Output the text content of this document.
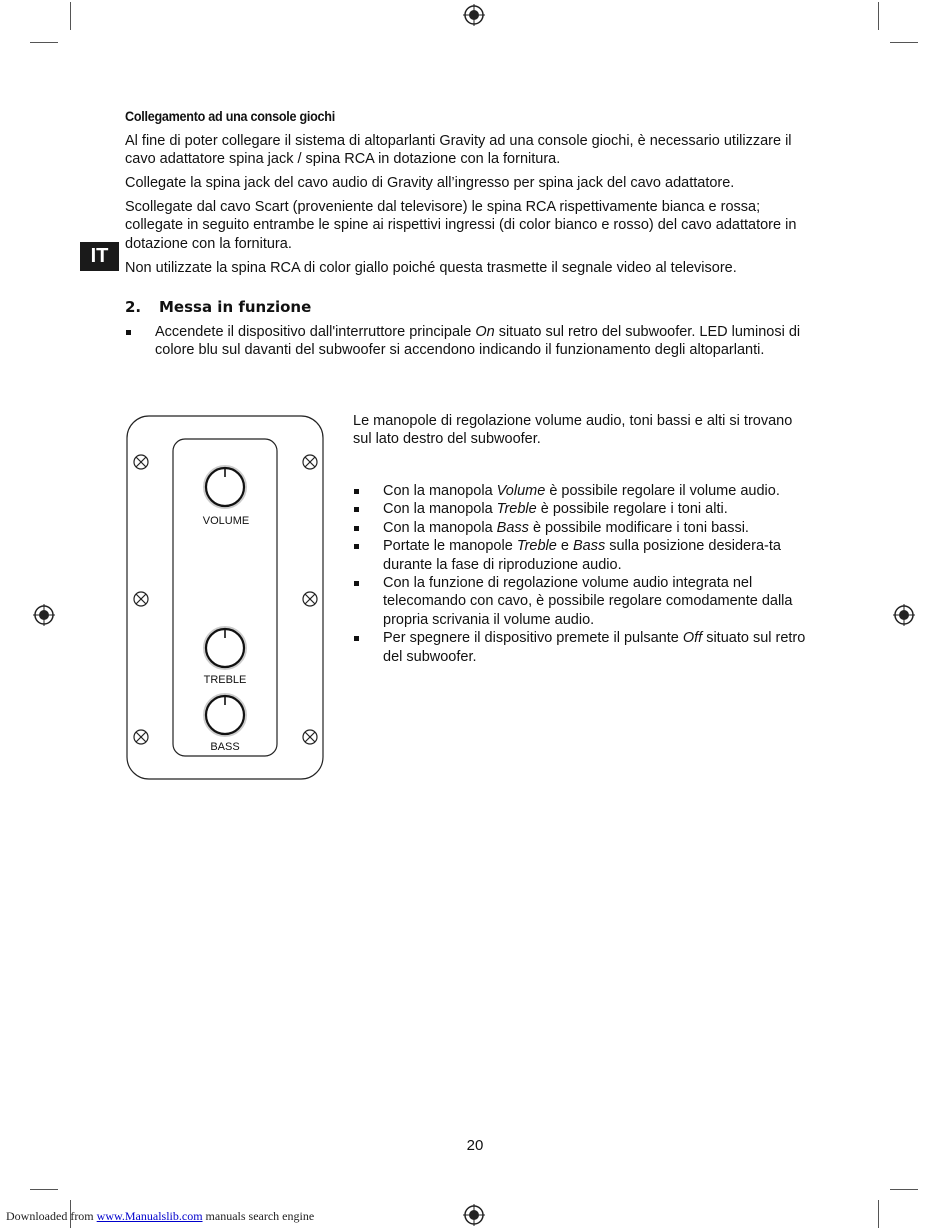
Collegamento ad una console giochi

Al fine di poter collegare il sistema di altoparlanti Gravity ad una console giochi, è necessario utilizzare il cavo adattatore spina jack / spina RCA in dotazione con la fornitura.

Collegate la spina jack del cavo audio di Gravity all’ingresso per spina jack del cavo adattatore.

Scollegate dal cavo Scart (proveniente dal televisore) le spina RCA rispettivamente bianca e rossa; collegate in seguito entrambe le spine ai rispettivi ingressi (di color bianco e rosso) del cavo adattatore in dotazione con la fornitura.

Non utilizzate la spina RCA di color giallo poiché questa trasmette il segnale video al televisore.

IT
2. Messa in funzione
Accendete il dispositivo dall'interruttore principale On situato sul retro del subwoofer. LED luminosi di colore blu sul davanti del subwoofer si accendono indicando il funzionamento degli altoparlanti.
VOLUME
TREBLE
BASS

Le manopole di regolazione volume audio, toni bassi e alti si trovano sul lato destro del subwoofer.

Con la manopola Volume è possibile regolare il volume audio.
Con la manopola Treble è possibile regolare i toni alti.
Con la manopola Bass è possibile modificare i toni bassi.
Portate le manopole Treble e Bass sulla posizione desidera-ta durante la fase di riproduzione audio.
Con la funzione di regolazione volume audio integrata nel telecomando con cavo, è possibile regolare comodamente dalla propria scrivania il volume audio.
Per spegnere il dispositivo premete il pulsante Off situato sul retro del subwoofer.
20
Downloaded from www.Manualslib.com manuals search engine
